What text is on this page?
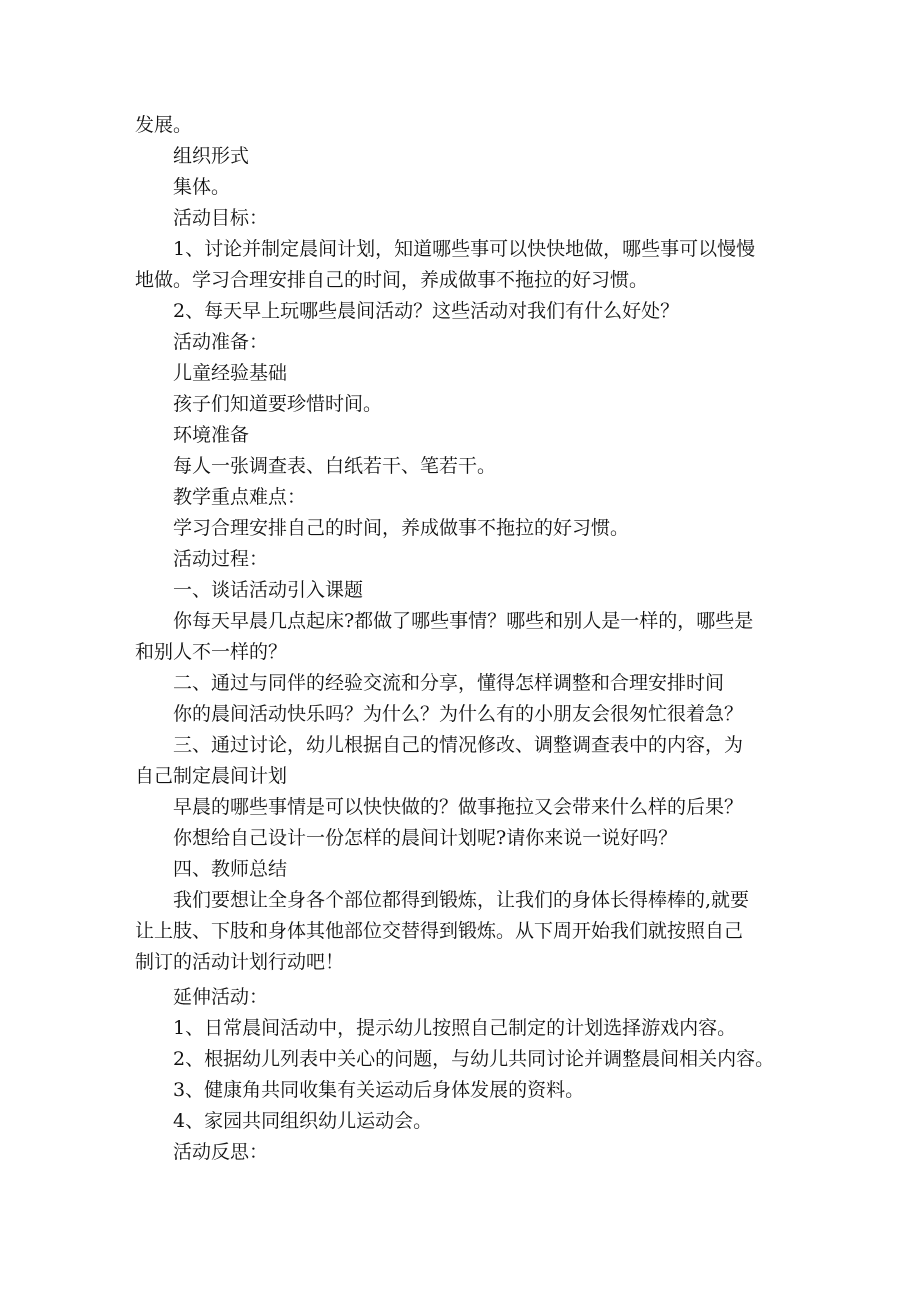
发展。

组织形式

集体。

活动目标：

1、讨论并制定晨间计划，知道哪些事可以快快地做，哪些事可以慢慢

地做。学习合理安排自己的时间，养成做事不拖拉的好习惯。

2、每天早上玩哪些晨间活动？这些活动对我们有什么好处？

活动准备：

儿童经验基础

孩子们知道要珍惜时间。

环境准备

每人一张调查表、白纸若干、笔若干。

教学重点难点：

学习合理安排自己的时间，养成做事不拖拉的好习惯。

活动过程：

一、谈话活动引入课题

你每天早晨几点起床?都做了哪些事情？哪些和别人是一样的，哪些是

和别人不一样的？

二、通过与同伴的经验交流和分享，懂得怎样调整和合理安排时间

你的晨间活动快乐吗？为什么？为什么有的小朋友会很匆忙很着急？

三、通过讨论，幼儿根据自己的情况修改、调整调查表中的内容，为

自己制定晨间计划

早晨的哪些事情是可以快快做的？做事拖拉又会带来什么样的后果？

你想给自己设计一份怎样的晨间计划呢?请你来说一说好吗？

四、教师总结

我们要想让全身各个部位都得到锻炼，让我们的身体长得棒棒的,就要

让上肢、下肢和身体其他部位交替得到锻炼。从下周开始我们就按照自己

制订的活动计划行动吧！

延伸活动：

1、日常晨间活动中，提示幼儿按照自己制定的计划选择游戏内容。

2、根据幼儿列表中关心的问题，与幼儿共同讨论并调整晨间相关内容。

3、健康角共同收集有关运动后身体发展的资料。

4、家园共同组织幼儿运动会。

活动反思：
